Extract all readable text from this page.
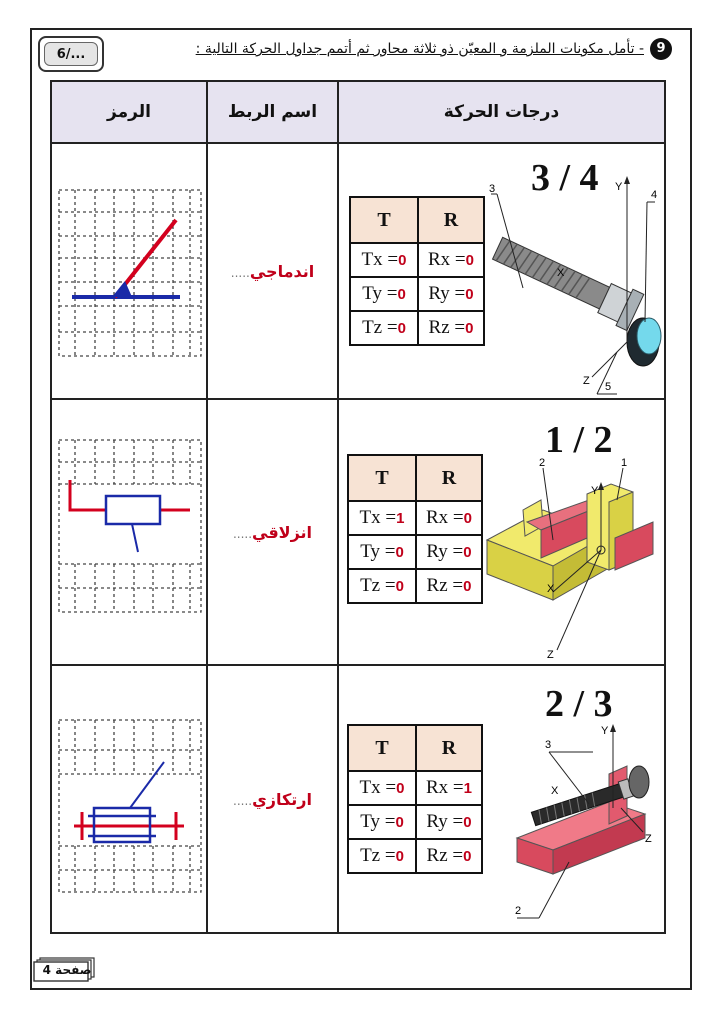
6/...	9
- تأمل مكونات الملزمة و المعيّن ذو ثلاثة محاور ثم أتمم جداول الحركة التالية :
الرمز	اسم الربط	درجات الحركة

	اندماجي.....	
3 / 4
T	R
Tx =0	Rx =0
Ty =0	Ry =0
Tz =0	Rz =0
3	Y
4
X
Z 5

	انزلاقي.....	
1 / 2
T	R
Tx =1	Rx =0
Ty =0	Ry =0
Tz =0	Rz =0
2	1
Y
X
Z

	ارتكازي.....	
2 / 3
T	R
Tx =0	Rx =1
Ty =0	Ry =0
Tz =0	Rz =0
3
Y
X
Z
2
صفحة 4
